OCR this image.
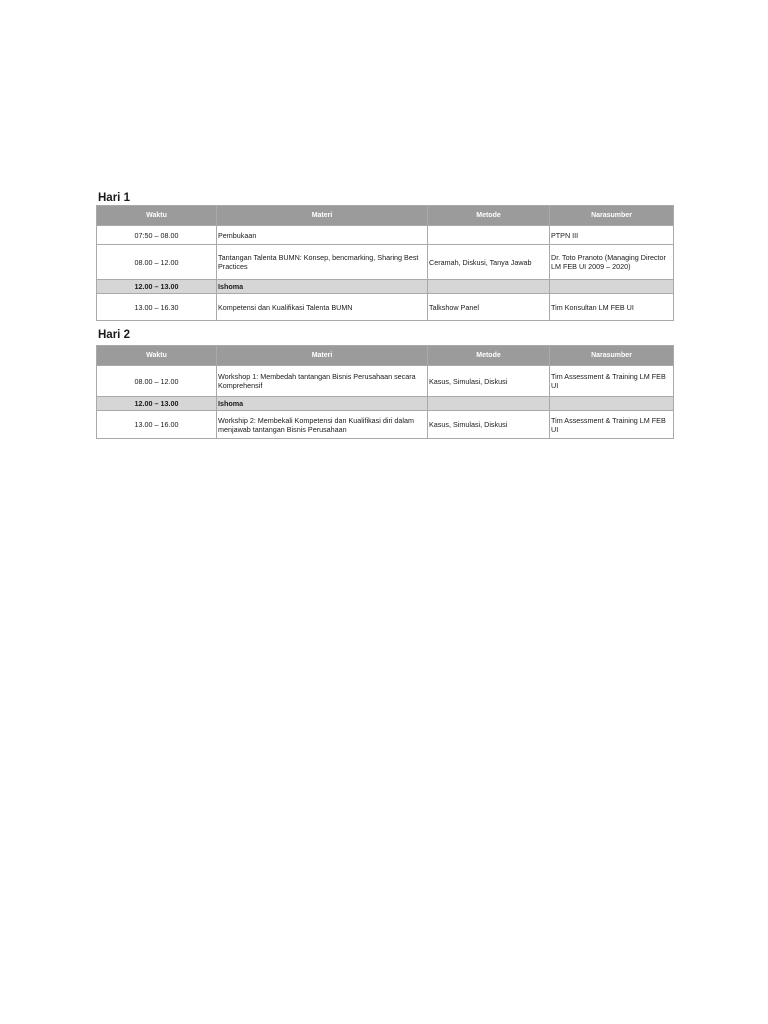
Hari 1
Waktu	Materi	Metode	Narasumber
07:50 – 08.00	Pembukaan		PTPN III
08.00 – 12.00	Tantangan Talenta BUMN: Konsep, bencmarking, Sharing Best Practices	Ceramah, Diskusi, Tanya Jawab	Dr. Toto Pranoto (Managing Director LM FEB UI 2009 – 2020)
12.00 – 13.00	Ishoma		
13.00 – 16.30	Kompetensi dan Kualifikasi Talenta BUMN	Talkshow Panel	Tim Konsultan LM FEB UI
Hari 2
Waktu	Materi	Metode	Narasumber
08.00 – 12.00	Workshop 1: Membedah tantangan Bisnis Perusahaan secara Komprehensif	Kasus, Simulasi, Diskusi	Tim Assessment & Training LM FEB UI
12.00 – 13.00	Ishoma		
13.00 – 16.00	Workship 2: Membekali Kompetensi dan Kualifikasi diri dalam menjawab tantangan Bisnis Perusahaan	Kasus, Simulasi, Diskusi	Tim Assessment & Training LM FEB UI
